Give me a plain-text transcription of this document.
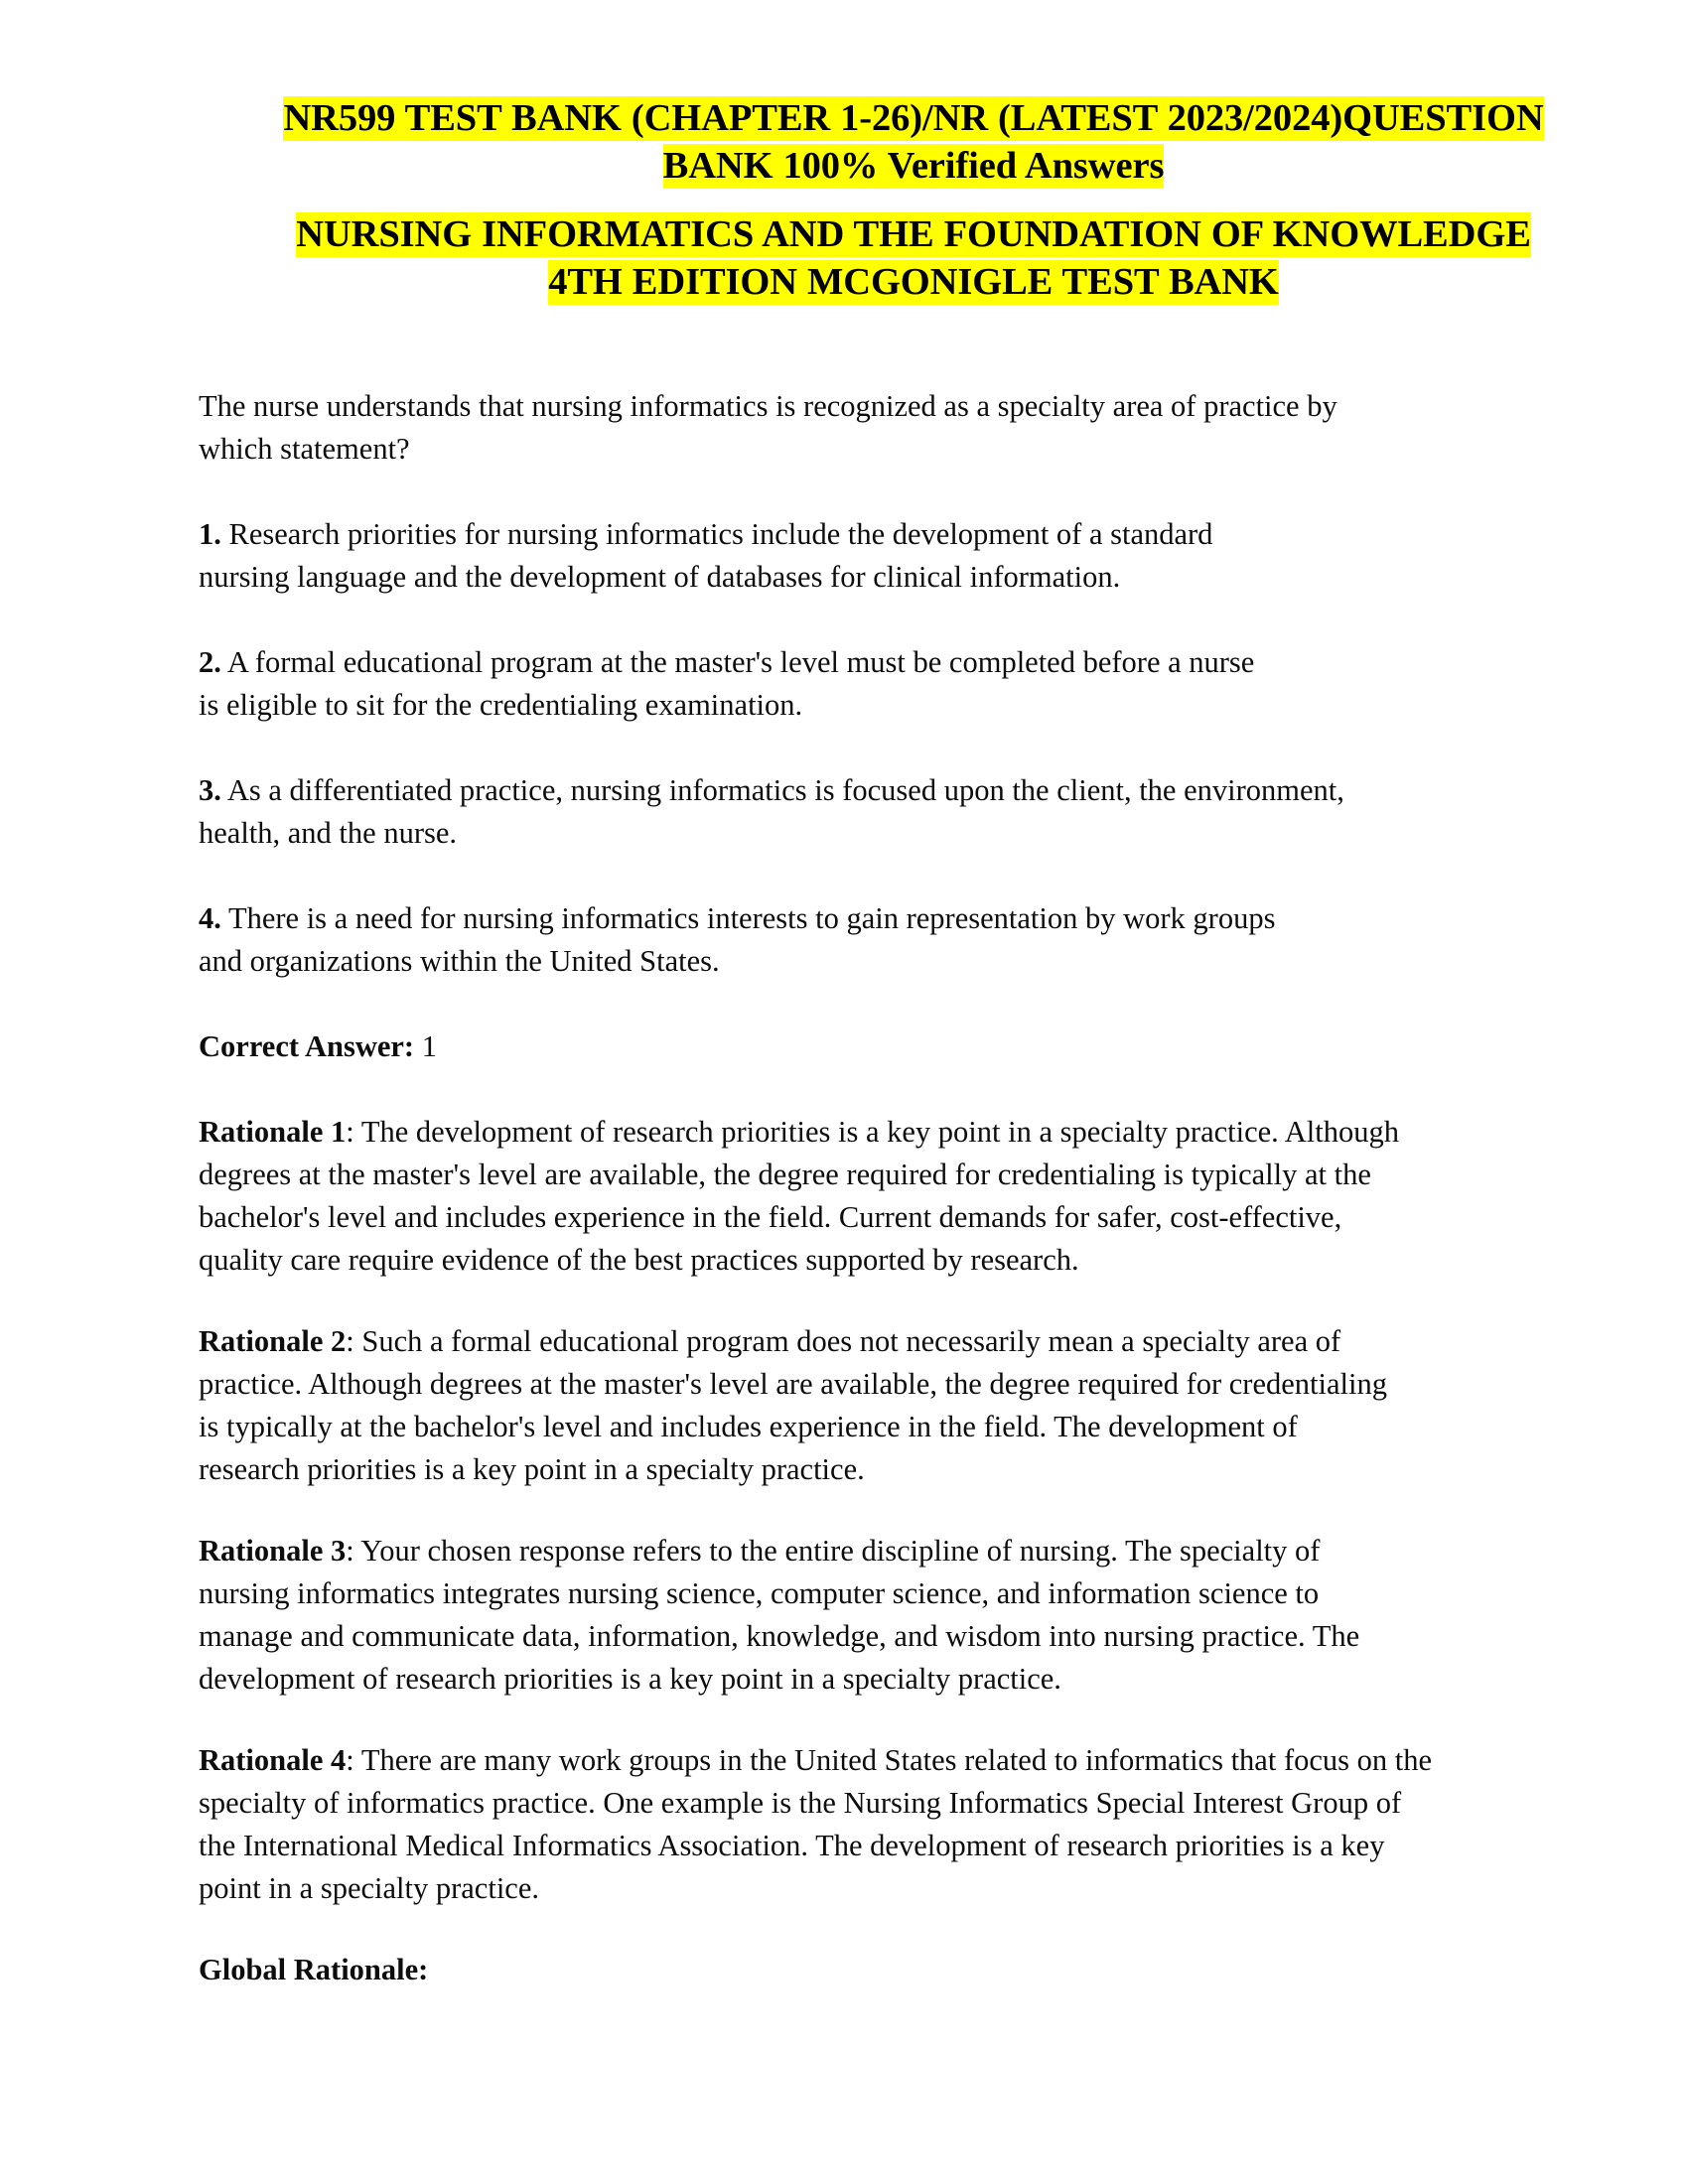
NR599 TEST BANK (CHAPTER 1-26)/NR (LATEST 2023/2024)QUESTION
BANK 100% Verified Answers
NURSING INFORMATICS AND THE FOUNDATION OF KNOWLEDGE
4TH EDITION MCGONIGLE TEST BANK

The nurse understands that nursing informatics is recognized as a specialty area of practice by which statement?

1. Research priorities for nursing informatics include the development of a standard nursing language and the development of databases for clinical information.

2. A formal educational program at the master's level must be completed before a nurse is eligible to sit for the credentialing examination.

3. As a differentiated practice, nursing informatics is focused upon the client, the environment, health, and the nurse.

4. There is a need for nursing informatics interests to gain representation by work groups and organizations within the United States.

Correct Answer: 1

Rationale 1: The development of research priorities is a key point in a specialty practice. Although degrees at the master's level are available, the degree required for credentialing is typically at the bachelor's level and includes experience in the field. Current demands for safer, cost-effective, quality care require evidence of the best practices supported by research.

Rationale 2: Such a formal educational program does not necessarily mean a specialty area of practice. Although degrees at the master's level are available, the degree required for credentialing is typically at the bachelor's level and includes experience in the field. The development of research priorities is a key point in a specialty practice.

Rationale 3: Your chosen response refers to the entire discipline of nursing. The specialty of nursing informatics integrates nursing science, computer science, and information science to manage and communicate data, information, knowledge, and wisdom into nursing practice. The development of research priorities is a key point in a specialty practice.

Rationale 4: There are many work groups in the United States related to informatics that focus on the specialty of informatics practice. One example is the Nursing Informatics Special Interest Group of the International Medical Informatics Association. The development of research priorities is a key point in a specialty practice.

Global Rationale:
